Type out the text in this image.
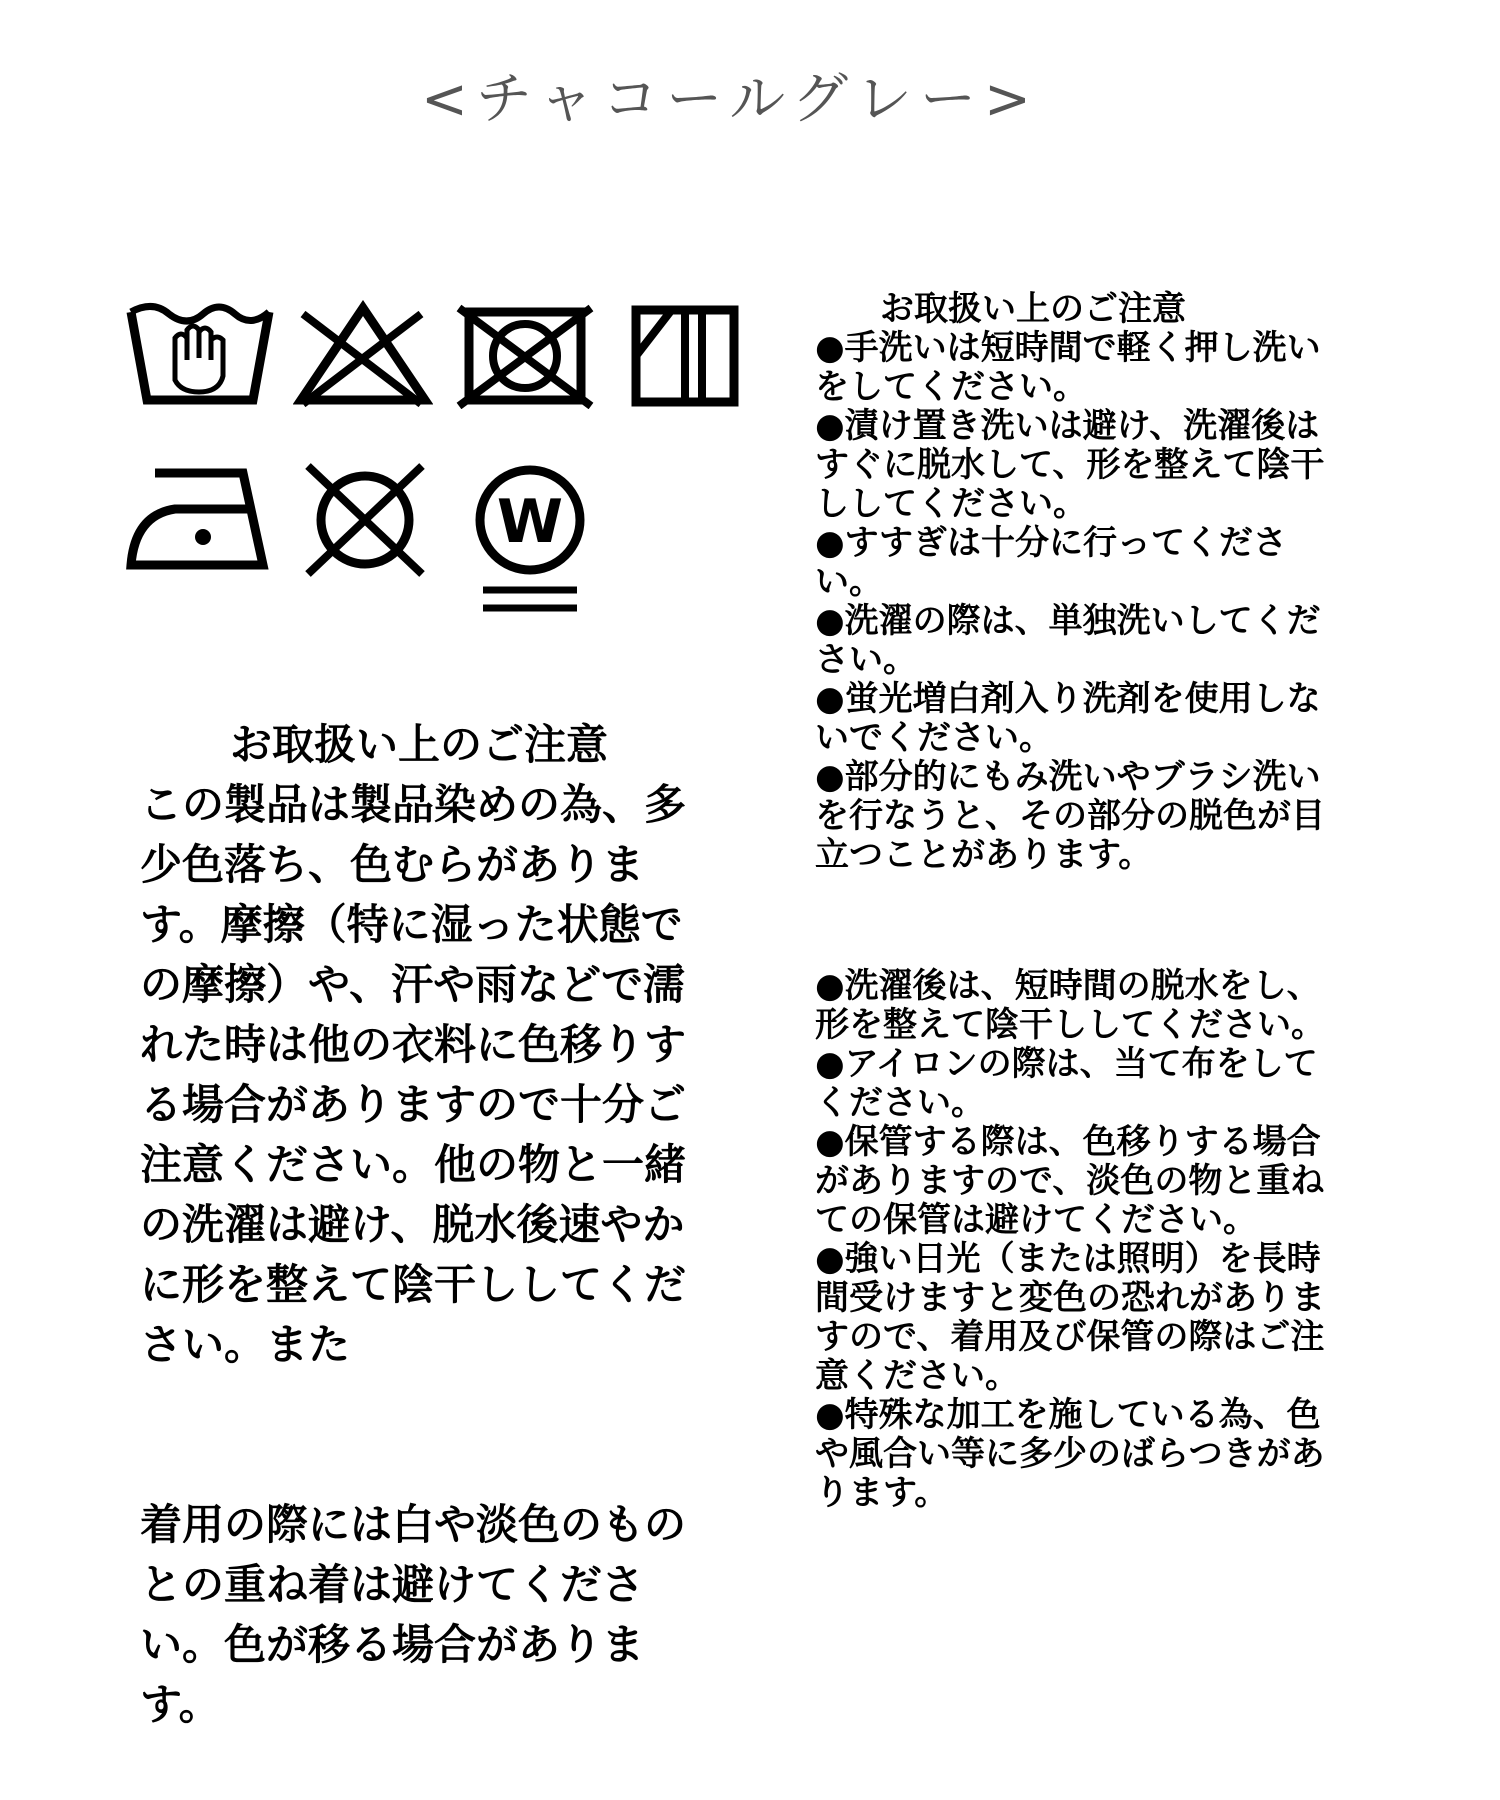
<チャコールグレー>
W
お取扱い上のご注意

この製品は製品染めの為、多少色落ち、色むらがあります。摩擦（特に湿った状態での摩擦）や、汗や雨などで濡れた時は他の衣料に色移りする場合がありますので十分ご注意ください。他の物と一緒の洗濯は避け、脱水後速やかに形を整えて陰干ししてください。また

着用の際には白や淡色のものとの重ね着は避けてください。色が移る場合があります。

お取扱い上のご注意

●手洗いは短時間で軽く押し洗いをしてください。

●漬け置き洗いは避け、洗濯後はすぐに脱水して、形を整えて陰干ししてください。

●すすぎは十分に行ってください。

●洗濯の際は、単独洗いしてください。

●蛍光増白剤入り洗剤を使用しないでください。

●部分的にもみ洗いやブラシ洗いを行なうと、その部分の脱色が目立つことがあります。

●洗濯後は、短時間の脱水をし、形を整えて陰干ししてください。

●アイロンの際は、当て布をしてください。

●保管する際は、色移りする場合がありますので、淡色の物と重ねての保管は避けてください。

●強い日光（または照明）を長時間受けますと変色の恐れがありますので、着用及び保管の際はご注意ください。

●特殊な加工を施している為、色や風合い等に多少のばらつきがあります。
